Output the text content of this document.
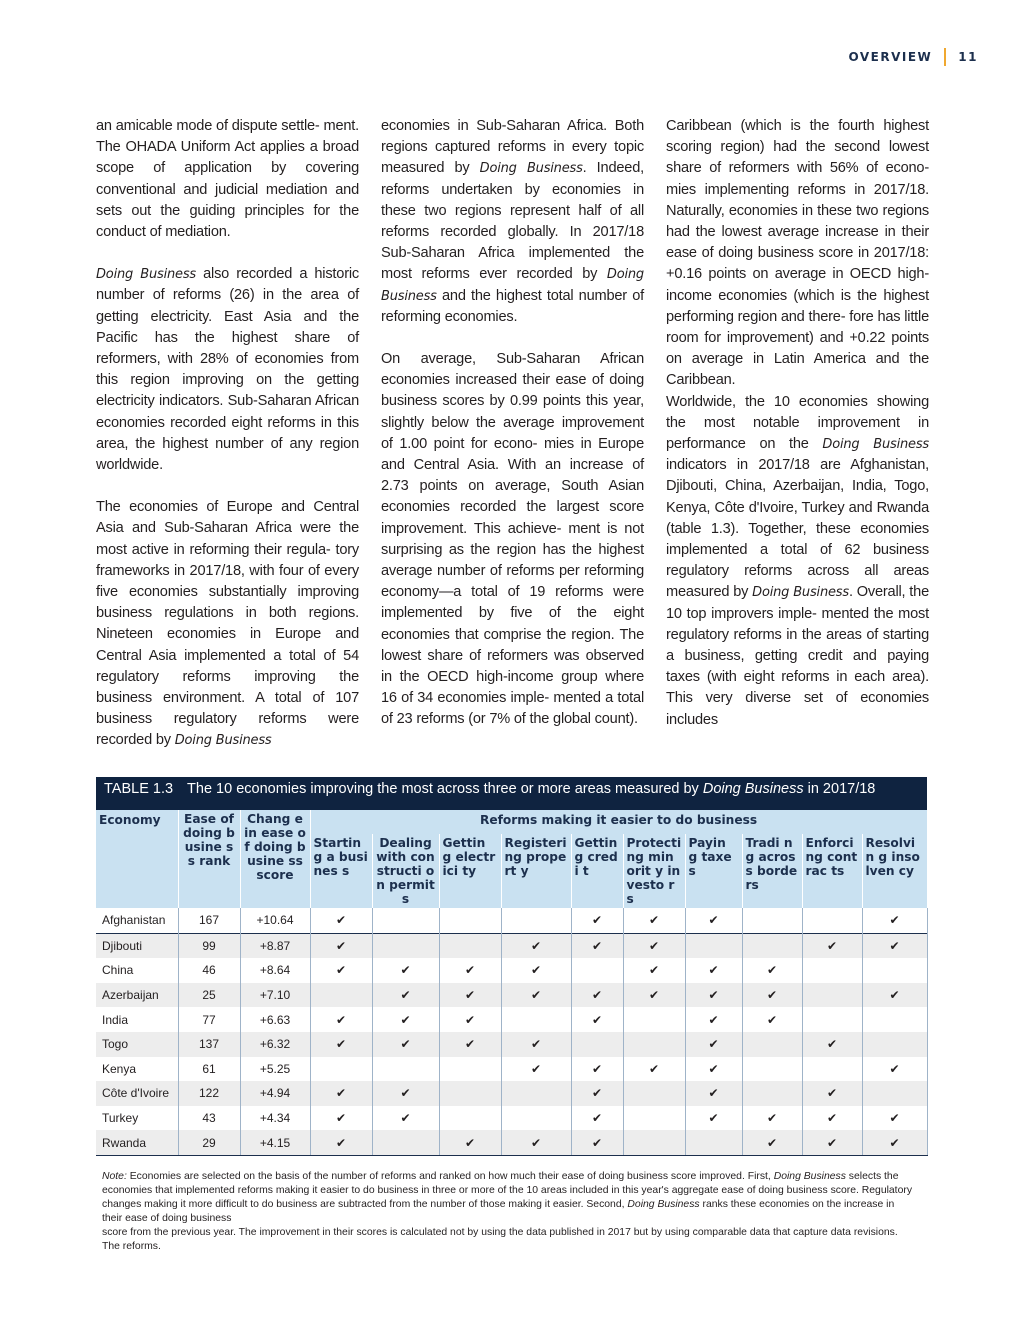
OVERVIEW 11

an amicable mode of dispute settle- ment. The OHADA Uniform Act applies a broad scope of application by covering conventional and judicial mediation and sets out the guiding principles for the conduct of mediation.

Doing Business also recorded a historic number of reforms (26) in the area of getting electricity. East Asia and the Pacific has the highest share of reformers, with 28% of economies from this region improving on the getting electricity indicators. Sub-Saharan African economies recorded eight reforms in this area, the highest number of any region worldwide.

The economies of Europe and Central Asia and Sub-Saharan Africa were the most active in reforming their regula- tory frameworks in 2017/18, with four of every five economies substantially improving business regulations in both regions. Nineteen economies in Europe and Central Asia implemented a total of 54 regulatory reforms improving the business environment. A total of 107 business regulatory reforms were recorded by Doing Business

economies in Sub-Saharan Africa. Both regions captured reforms in every topic measured by Doing Business. Indeed, reforms undertaken by economies in these two regions represent half of all reforms recorded globally. In 2017/18 Sub-Saharan Africa implemented the most reforms ever recorded by Doing Business and the highest total number of reforming economies.

On average, Sub-Saharan African economies increased their ease of doing business scores by 0.99 points this year, slightly below the average improvement of 1.00 point for econo- mies in Europe and Central Asia. With an increase of 2.73 points on average, South Asian economies recorded the largest score improvement. This achieve- ment is not surprising as the region has the highest average number of reforms per reforming economy—a total of 19 reforms were implemented by five of the eight economies that comprise the region. The lowest share of reformers was observed in the OECD high-income group where 16 of 34 economies imple- mented a total of 23 reforms (or 7% of the global count).

Caribbean (which is the fourth highest scoring region) had the second lowest share of reformers with 56% of econo- mies implementing reforms in 2017/18. Naturally, economies in these two regions had the lowest average increase in their ease of doing business score in 2017/18: +0.16 points on average in OECD high- income economies (which is the highest performing region and there- fore has little room for improvement) and +0.22 points on average in Latin America and the Caribbean.

Worldwide, the 10 economies showing the most notable improvement in performance on the Doing Business indicators in 2017/18 are Afghanistan, Djibouti, China, Azerbaijan, India, Togo, Kenya, Côte d'Ivoire, Turkey and Rwanda (table 1.3). Together, these economies implemented a total of 62 business regulatory reforms across all areas measured by Doing Business. Overall, the 10 top improvers imple- mented the most regulatory reforms in the areas of starting a business, getting credit and paying taxes (with eight reforms in each area). This very diverse set of economies includes

TABLE 1.3 The 10 economies improving the most across three or more areas measured by Doing Business in 2017/18
Economy	Ease of doing busine ss rank	Chang e in ease of doing busine ss score	Reforms making it easier to do business									
			Starting a busines s	Dealing with constructi on permits	Gettin g electrici ty	Registeri ng propert y	Gettin g credi t	Protecti ng minorit y investo rs	Payin g taxe s	Tradi ng across borde rs	Enforci ng contrac ts	Resolvin g insolven cy
Afghanistan	167	+10.64	✔				✔	✔	✔			✔
Djibouti	99	+8.87	✔			✔	✔	✔			✔	✔
China	46	+8.64	✔	✔	✔	✔		✔	✔	✔		
Azerbaijan	25	+7.10		✔	✔	✔	✔	✔	✔	✔		✔
India	77	+6.63	✔	✔	✔		✔		✔	✔		
Togo	137	+6.32	✔	✔	✔	✔			✔		✔	
Kenya	61	+5.25				✔	✔	✔	✔			✔
Côte d'Ivoire	122	+4.94	✔	✔			✔		✔		✔	
Turkey	43	+4.34	✔	✔			✔		✔	✔	✔	✔
Rwanda	29	+4.15	✔		✔	✔	✔			✔	✔	✔

Note: Economies are selected on the basis of the number of reforms and ranked on how much their ease of doing business score improved. First, Doing Business selects the economies that implemented reforms making it easier to do business in three or more of the 10 areas included in this year's aggregate ease of doing business score. Regulatory changes making it more difficult to do business are subtracted from the number of those making it easier. Second, Doing Business ranks these economies on the increase in their ease of doing business

score from the previous year. The improvement in their scores is calculated not by using the data published in 2017 but by using comparable data that capture data revisions. The reforms.
